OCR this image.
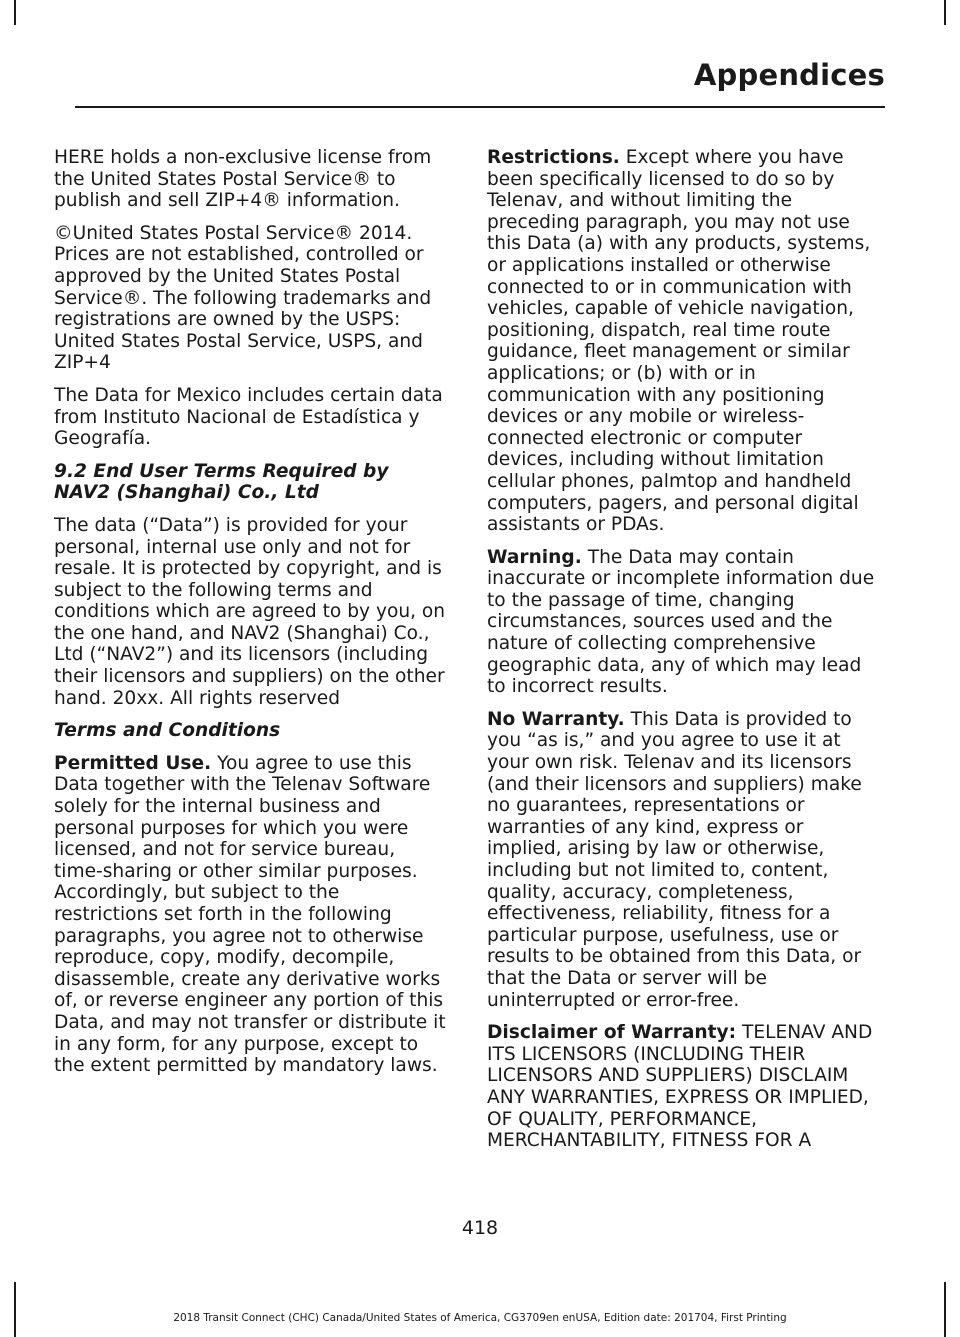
Appendices

HERE holds a non-exclusive license from the United States Postal Service® to publish and sell ZIP+4® information.

©United States Postal Service® 2014. Prices are not established, controlled or approved by the United States Postal Service®. The following trademarks and registrations are owned by the USPS: United States Postal Service, USPS, and ZIP+4

The Data for Mexico includes certain data from Instituto Nacional de Estadística y Geografía.

9.2 End User Terms Required by NAV2 (Shanghai) Co., Ltd

The data (“Data”) is provided for your personal, internal use only and not for resale. It is protected by copyright, and is subject to the following terms and conditions which are agreed to by you, on the one hand, and NAV2 (Shanghai) Co., Ltd (“NAV2”) and its licensors (including their licensors and suppliers) on the other hand. 20xx. All rights reserved

Terms and Conditions

Permitted Use. You agree to use this Data together with the Telenav Software solely for the internal business and personal purposes for which you were licensed, and not for service bureau, time-sharing or other similar purposes. Accordingly, but subject to the restrictions set forth in the following paragraphs, you agree not to otherwise reproduce, copy, modify, decompile, disassemble, create any derivative works of, or reverse engineer any portion of this Data, and may not transfer or distribute it in any form, for any purpose, except to the extent permitted by mandatory laws.

Restrictions. Except where you have been specifically licensed to do so by Telenav, and without limiting the preceding paragraph, you may not use this Data (a) with any products, systems, or applications installed or otherwise connected to or in communication with vehicles, capable of vehicle navigation, positioning, dispatch, real time route guidance, fleet management or similar applications; or (b) with or in communication with any positioning devices or any mobile or wireless-connected electronic or computer devices, including without limitation cellular phones, palmtop and handheld computers, pagers, and personal digital assistants or PDAs.

Warning. The Data may contain inaccurate or incomplete information due to the passage of time, changing circumstances, sources used and the nature of collecting comprehensive geographic data, any of which may lead to incorrect results.

No Warranty. This Data is provided to you “as is,” and you agree to use it at your own risk. Telenav and its licensors (and their licensors and suppliers) make no guarantees, representations or warranties of any kind, express or implied, arising by law or otherwise, including but not limited to, content, quality, accuracy, completeness, effectiveness, reliability, fitness for a particular purpose, usefulness, use or results to be obtained from this Data, or that the Data or server will be uninterrupted or error-free.

Disclaimer of Warranty: TELENAV AND ITS LICENSORS (INCLUDING THEIR LICENSORS AND SUPPLIERS) DISCLAIM ANY WARRANTIES, EXPRESS OR IMPLIED, OF QUALITY, PERFORMANCE, MERCHANTABILITY, FITNESS FOR A

418
2018 Transit Connect (CHC) Canada/United States of America, CG3709en enUSA, Edition date: 201704, First Printing
